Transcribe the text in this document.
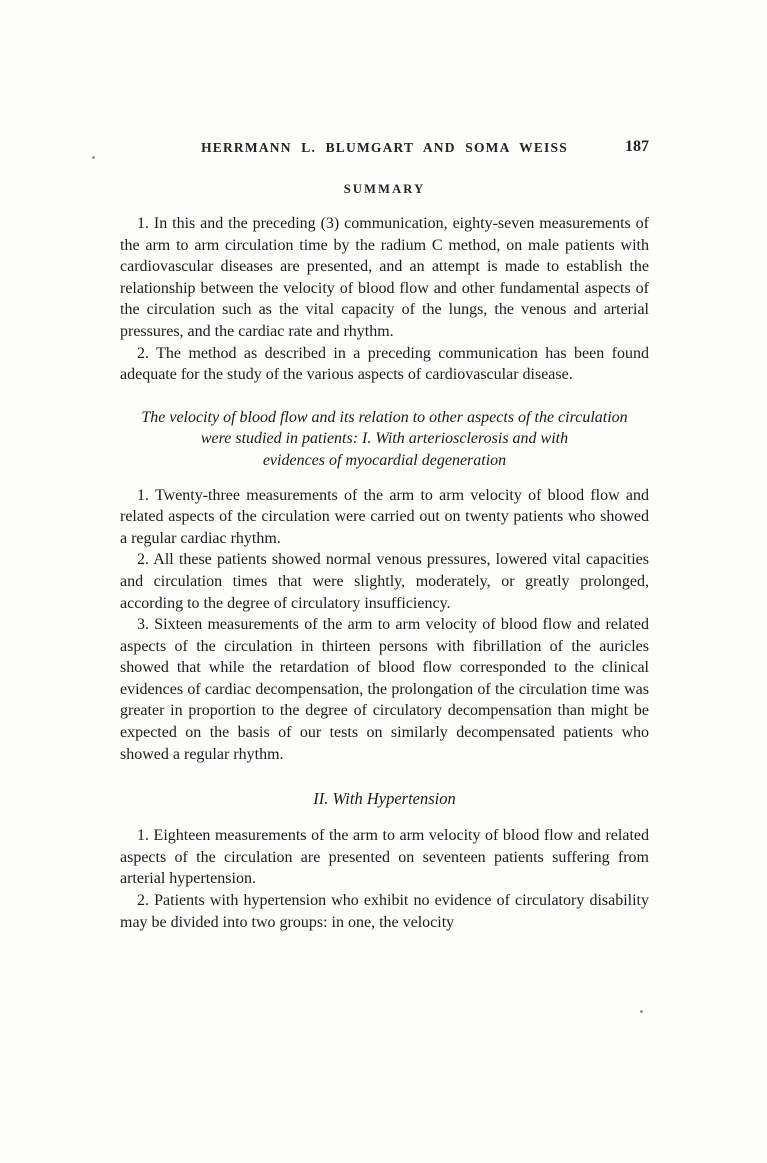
HERRMANN L. BLUMGART AND SOMA WEISS	187
SUMMARY

1. In this and the preceding (3) communication, eighty-seven measurements of the arm to arm circulation time by the radium C method, on male patients with cardiovascular diseases are presented, and an attempt is made to establish the relationship between the velocity of blood flow and other fundamental aspects of the circulation such as the vital capacity of the lungs, the venous and arterial pressures, and the cardiac rate and rhythm.

2. The method as described in a preceding communication has been found adequate for the study of the various aspects of cardiovascular disease.

The velocity of blood flow and its relation to other aspects of the circulation
were studied in patients: I. With arteriosclerosis and with
evidences of myocardial degeneration

1. Twenty-three measurements of the arm to arm velocity of blood flow and related aspects of the circulation were carried out on twenty patients who showed a regular cardiac rhythm.

2. All these patients showed normal venous pressures, lowered vital capacities and circulation times that were slightly, moderately, or greatly prolonged, according to the degree of circulatory insufficiency.

3. Sixteen measurements of the arm to arm velocity of blood flow and related aspects of the circulation in thirteen persons with fibrillation of the auricles showed that while the retardation of blood flow corresponded to the clinical evidences of cardiac decompensation, the prolongation of the circulation time was greater in proportion to the degree of circulatory decompensation than might be expected on the basis of our tests on similarly decompensated patients who showed a regular rhythm.

II. With Hypertension

1. Eighteen measurements of the arm to arm velocity of blood flow and related aspects of the circulation are presented on seventeen patients suffering from arterial hypertension.

2. Patients with hypertension who exhibit no evidence of circulatory disability may be divided into two groups: in one, the velocity
